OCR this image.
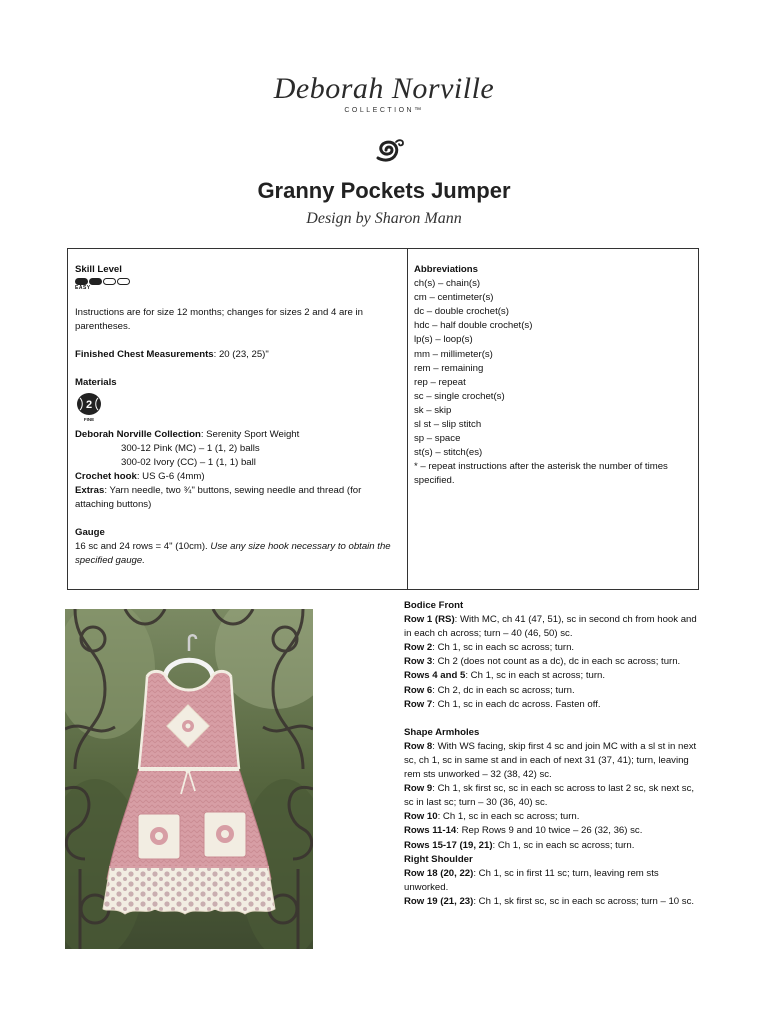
Deborah Norville
COLLECTION™
Granny Pockets Jumper
Design by Sharon Mann
Skill Level
EASY
Instructions are for size 12 months; changes for sizes 2 and 4 are in parentheses.
Finished Chest Measurements: 20 (23, 25)"
Materials
2
FINE
Deborah Norville Collection: Serenity Sport Weight
300-12 Pink (MC) – 1 (1, 2) balls
300-02 Ivory (CC) – 1 (1, 1) ball
Crochet hook: US G-6 (4mm)
Extras: Yarn needle, two ¾" buttons, sewing needle and thread (for attaching buttons)
Gauge
16 sc and 24 rows = 4" (10cm). Use any size hook necessary to obtain the specified gauge.
Abbreviations
ch(s) – chain(s)
cm – centimeter(s)
dc – double crochet(s)
hdc – half double crochet(s)
lp(s) – loop(s)
mm – millimeter(s)
rem – remaining
rep – repeat
sc – single crochet(s)
sk – skip
sl st – slip stitch
sp – space
st(s) – stitch(es)
* – repeat instructions after the asterisk the number of times specified.
Bodice Front
Row 1 (RS): With MC, ch 41 (47, 51), sc in second ch from hook and in each ch across; turn – 40 (46, 50) sc.
Row 2: Ch 1, sc in each sc across; turn.
Row 3: Ch 2 (does not count as a dc), dc in each sc across; turn.
Rows 4 and 5: Ch 1, sc in each st across; turn.
Row 6: Ch 2, dc in each sc across; turn.
Row 7: Ch 1, sc in each dc across. Fasten off.
Shape Armholes
Row 8: With WS facing, skip first 4 sc and join MC with a sl st in next sc, ch 1, sc in same st and in each of next 31 (37, 41); turn, leaving rem sts unworked – 32 (38, 42) sc.
Row 9: Ch 1, sk first sc, sc in each sc across to last 2 sc, sk next sc, sc in last sc; turn – 30 (36, 40) sc.
Row 10: Ch 1, sc in each sc across; turn.
Rows 11-14: Rep Rows 9 and 10 twice – 26 (32, 36) sc.
Rows 15-17 (19, 21): Ch 1, sc in each sc across; turn.
Right Shoulder
Row 18 (20, 22): Ch 1, sc in first 11 sc; turn, leaving rem sts unworked.
Row 19 (21, 23): Ch 1, sk first sc, sc in each sc across; turn – 10 sc.
